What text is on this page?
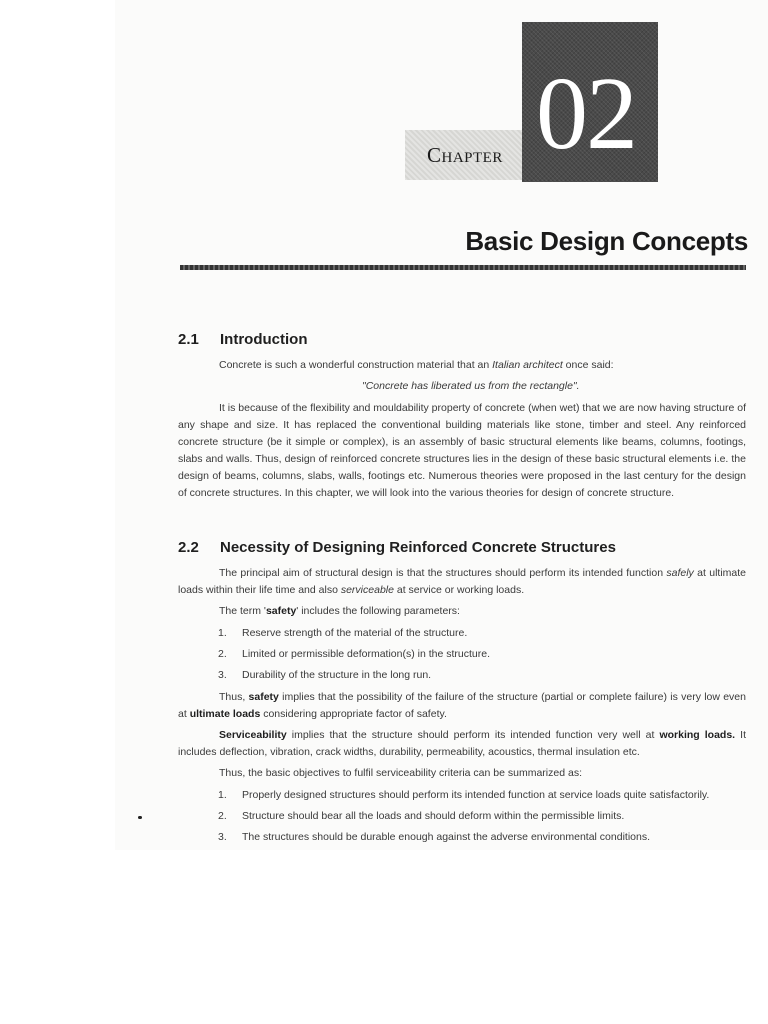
Chapter 02
Basic Design Concepts
2.1 Introduction
Concrete is such a wonderful construction material that an Italian architect once said:
"Concrete has liberated us from the rectangle".

It is because of the flexibility and mouldability property of concrete (when wet) that we are now having structure of any shape and size. It has replaced the conventional building materials like stone, timber and steel. Any reinforced concrete structure (be it simple or complex), is an assembly of basic structural elements like beams, columns, footings, slabs and walls. Thus, design of reinforced concrete structures lies in the design of these basic structural elements i.e. the design of beams, columns, slabs, walls, footings etc. Numerous theories were proposed in the last century for the design of concrete structures. In this chapter, we will look into the various theories for design of concrete structure.

2.2 Necessity of Designing Reinforced Concrete Structures

The principal aim of structural design is that the structures should perform its intended function safely at ultimate loads within their life time and also serviceable at service or working loads.

The term 'safety' includes the following parameters:
1. Reserve strength of the material of the structure.
2. Limited or permissible deformation(s) in the structure.
3. Durability of the structure in the long run.

Thus, safety implies that the possibility of the failure of the structure (partial or complete failure) is very low even at ultimate loads considering appropriate factor of safety.

Serviceability implies that the structure should perform its intended function very well at working loads. It includes deflection, vibration, crack widths, durability, permeability, acoustics, thermal insulation etc.

Thus, the basic objectives to fulfil serviceability criteria can be summarized as:
1. Properly designed structures should perform its intended function at service loads quite satisfactorily.
2. Structure should bear all the loads and should deform within the permissible limits.
3. The structures should be durable enough against the adverse environmental conditions.
